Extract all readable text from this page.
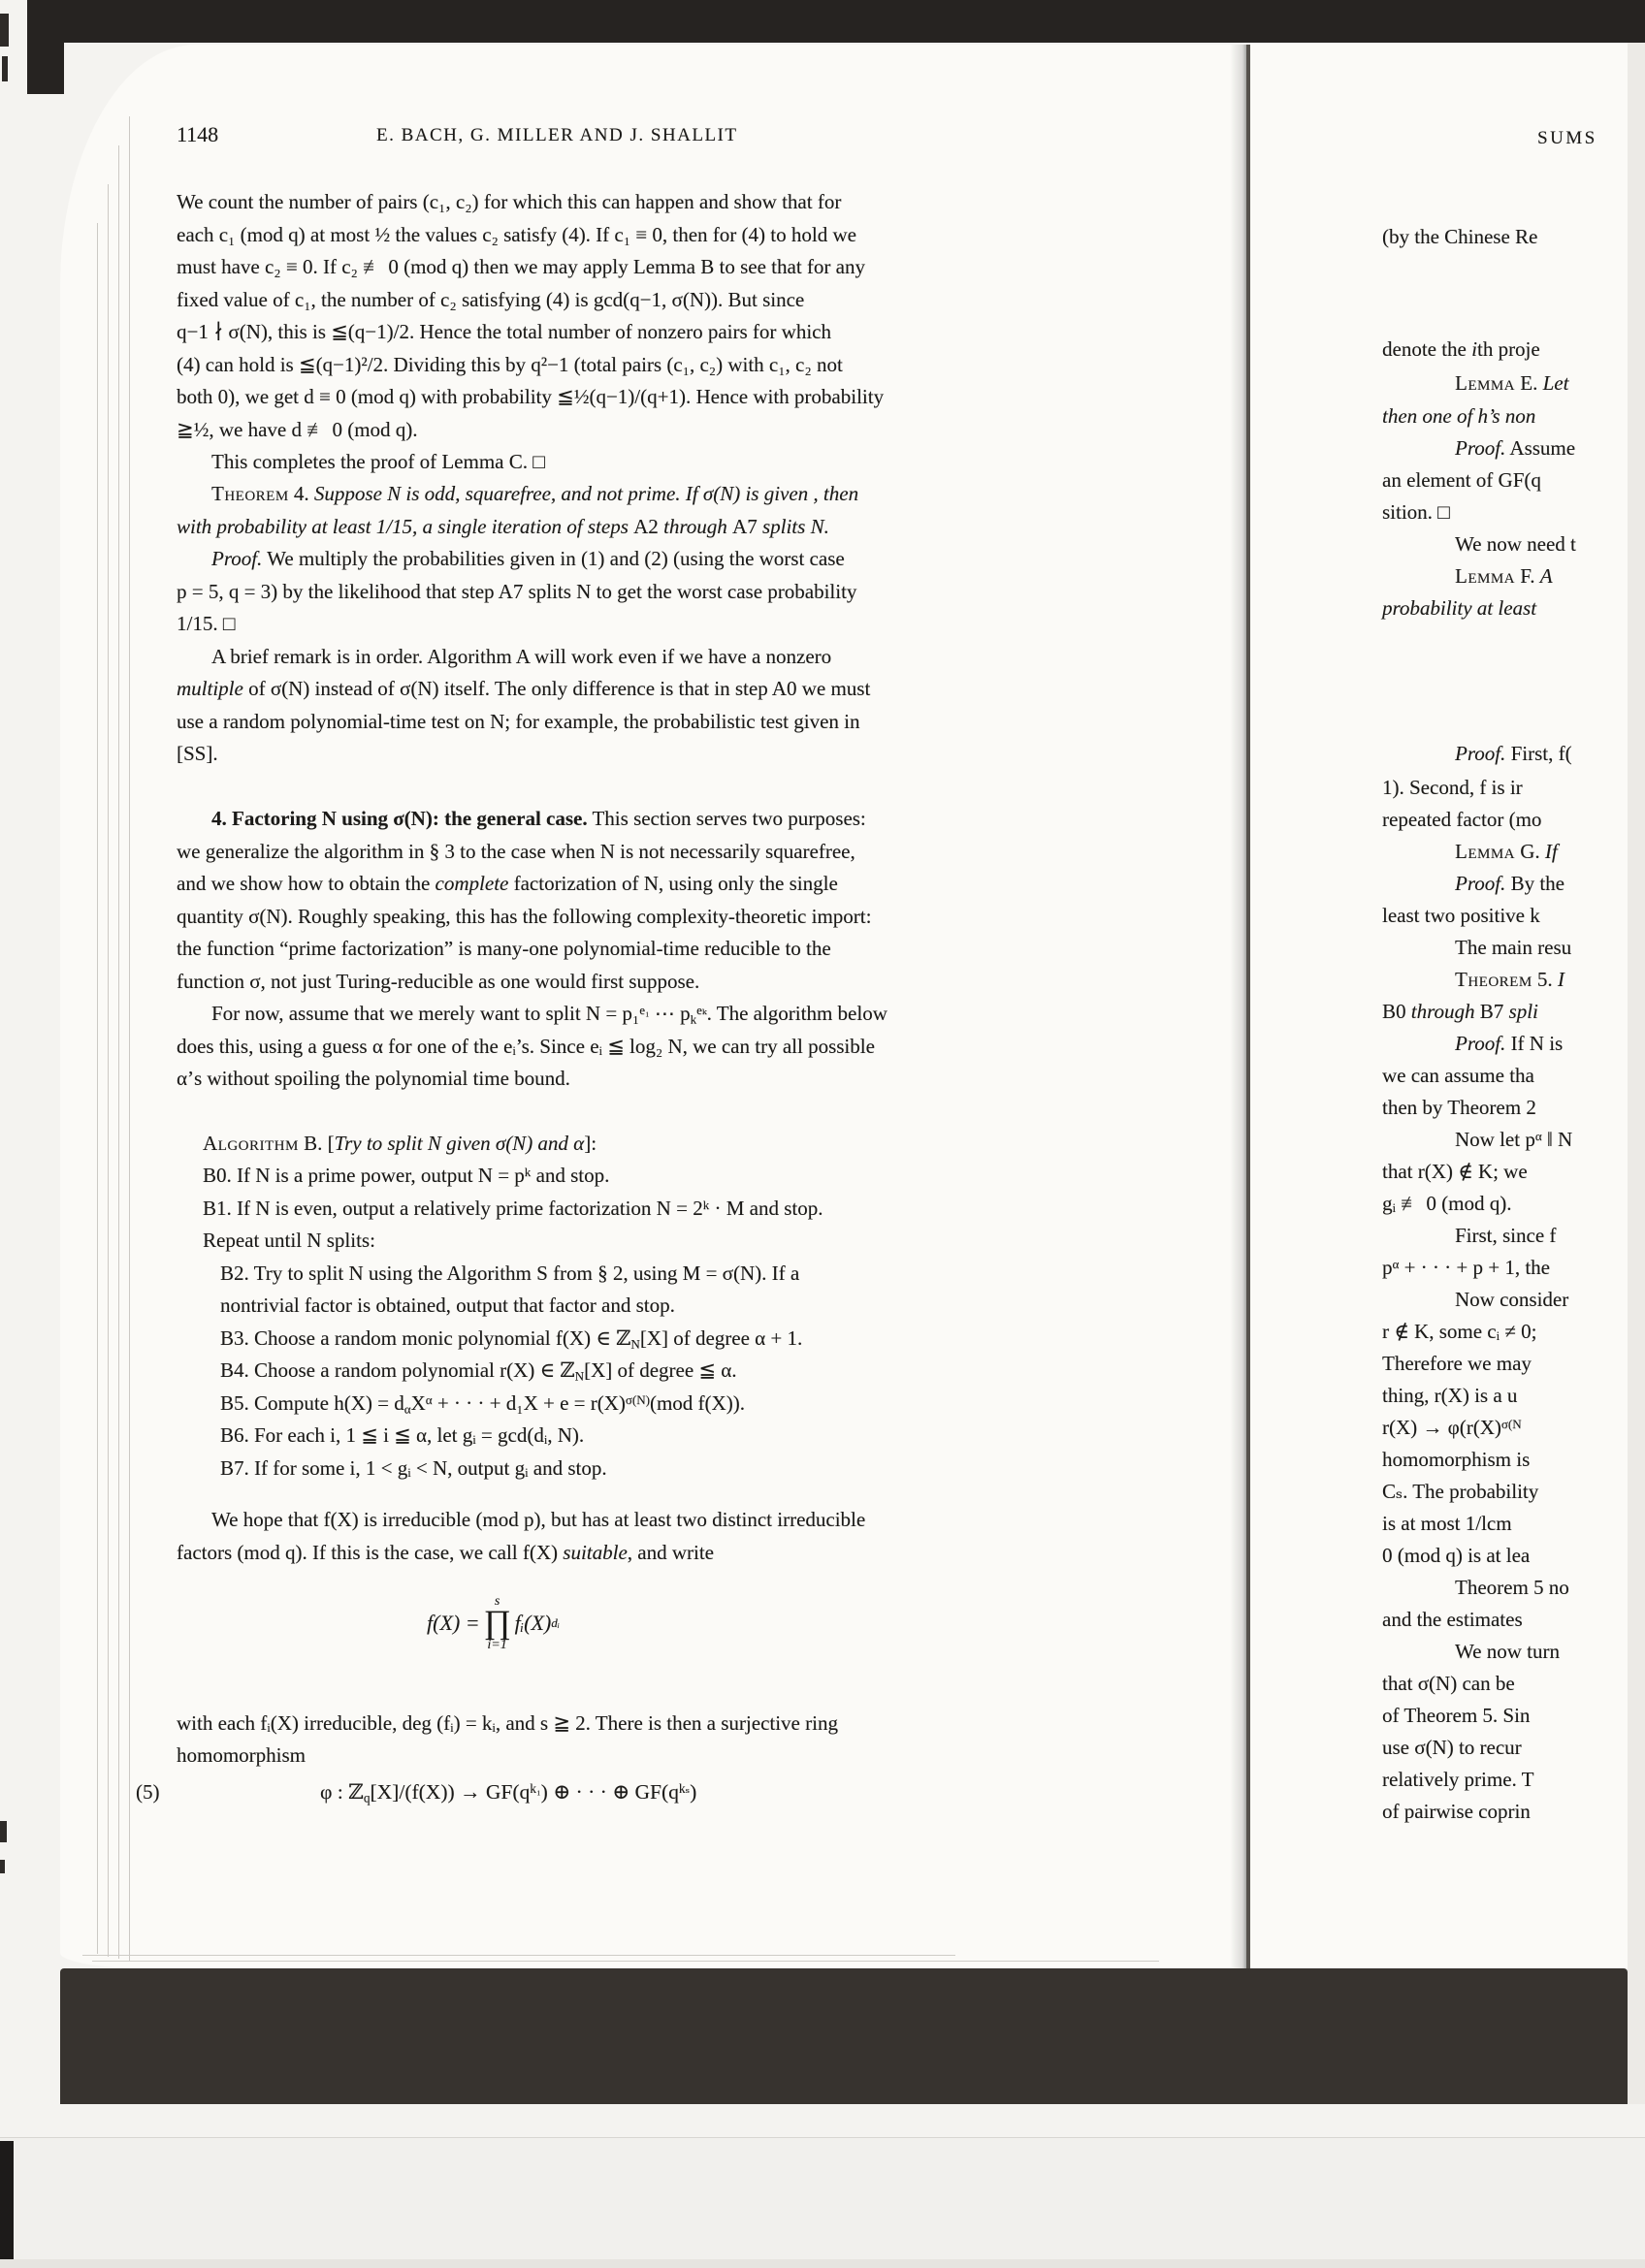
1148	E. BACH, G. MILLER AND J. SHALLIT
We count the number of pairs (c₁, c₂) for which this can happen and show that for
each c₁ (mod q) at most ½ the values c₂ satisfy (4). If c₁ ≡ 0, then for (4) to hold we
must have c₂ ≡ 0. If c₂ ≢ 0 (mod q) then we may apply Lemma B to see that for any
fixed value of c₁, the number of c₂ satisfying (4) is gcd(q−1, σ(N)). But since
q−1 ∤ σ(N), this is ≦(q−1)/2. Hence the total number of nonzero pairs for which
(4) can hold is ≦(q−1)²/2. Dividing this by q²−1 (total pairs (c₁, c₂) with c₁, c₂ not
both 0), we get d ≡ 0 (mod q) with probability ≦½(q−1)/(q+1). Hence with probability
≧½, we have d ≢ 0 (mod q).
This completes the proof of Lemma C. □
Theorem 4. Suppose N is odd, squarefree, and not prime. If σ(N) is given , then
with probability at least 1/15, a single iteration of steps A2 through A7 splits N.
Proof. We multiply the probabilities given in (1) and (2) (using the worst case
p = 5, q = 3) by the likelihood that step A7 splits N to get the worst case probability
1/15. □
A brief remark is in order. Algorithm A will work even if we have a nonzero
multiple of σ(N) instead of σ(N) itself. The only difference is that in step A0 we must
use a random polynomial-time test on N; for example, the probabilistic test given in
[SS].
4. Factoring N using σ(N): the general case. This section serves two purposes:
we generalize the algorithm in § 3 to the case when N is not necessarily squarefree,
and we show how to obtain the complete factorization of N, using only the single
quantity σ(N). Roughly speaking, this has the following complexity-theoretic import:
the function “prime factorization” is many-one polynomial-time reducible to the
function σ, not just Turing-reducible as one would first suppose.
For now, assume that we merely want to split N = p₁$^{e_1}$ ⋯ $pk^{e_k}$. The algorithm below
does this, using a guess α for one of the eᵢ’s. Since eᵢ ≦ log₂ N, we can try all possible
α’s without spoiling the polynomial time bound.
Algorithm B. [Try to split N given σ(N) and α]:
B0. If N is a prime power, output $N = p^k$ and stop.
B1. If N is even, output a relatively prime factorization $N = 2^k \cdot M$ and stop.
Repeat until N splits:
B2. Try to split N using the Algorithm S from § 2, using M = σ(N). If a
nontrivial factor is obtained, output that factor and stop.
B3. Choose a random monic polynomial f(X) ∈ ℤN[X] of degree α + 1.
B4. Choose a random polynomial r(X) ∈ ℤN[X] of degree ≦ α.
B5. Compute h(X) = dαX$^\alpha$ + · · · + $d_1X + e = r(X)^{\sigma(N)}(mod$ f(X)).
B6. For each i, 1 ≦ i ≦ α, let gᵢ = gcd(dᵢ, N).
B7. If for some i, 1 < gᵢ < N, output gᵢ and stop.
We hope that f(X) is irreducible (mod p), but has at least two distinct irreducible
factors (mod q). If this is the case, we call f(X) suitable, and write
with each fᵢ(X) irreducible, deg (fᵢ) = kᵢ, and s ≧ 2. There is then a surjective ring
homomorphism
f(X) =
s
∏
i=1
fᵢ(X) dᵢ
(5)	φ : ℤq[X]/(f(X)) → $GF(q^{k_1})$ ⊕ · · · ⊕ $GF(q^{k_s})$
SUMS
(by the Chinese Re
denote the ith proje
Lemma E. Let
then one of h’s non
Proof. Assume
an element of GF(q
sition. □
We now need t
Lemma F. A
probability at least
Proof. First, f(
1). Second, f is ir
repeated factor (mo
Lemma G. If
Proof. By the
least two positive k
The main resu
Theorem 5. I
B0 through B7 spli
Proof. If N is
we can assume tha
then by Theorem 2
Now let $p^\alpha$ ‖ N
that r(X) ∉ K; we
gᵢ ≢ 0 (mod q).
First, since f
$p^\alpha$ + · · · + p + 1, the
Now consider
r ∉ K, some cᵢ ≠ 0;
Therefore we may
thing, r(X) is a u
$r(X) \to \varphi(r(X)^{\sigma(N}$
homomorphism is
Cₛ. The probability
is at most 1/lcm
0 (mod q) is at lea
Theorem 5 no
and the estimates
We now turn
that σ(N) can be
of Theorem 5. Sin
use σ(N) to recur
relatively prime. T
of pairwise coprin
